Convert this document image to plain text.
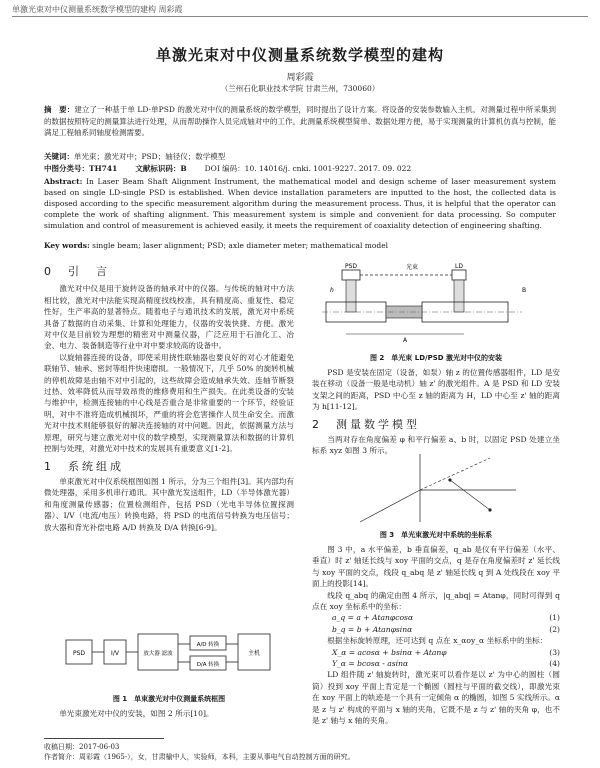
单激光束对中仪测量系统数学模型的建构 周彩霞
单激光束对中仪测量系统数学模型的建构
周彩霞
（兰州石化职业技术学院 甘肃兰州，730060）
摘　要：建立了一种基于单 LD-单PSD 的激光对中仪的测量系统的数学模型，同时提出了设计方案。将设备的安装参数输入主机，对测量过程中所采集到的数据按照特定的测量算法进行处理，从而帮助操作人员完成轴对中的工作。此测量系统模型简单、数据处理方便，易于实现测量的计算机仿真与控制，能满足工程轴系同轴度检测需要。
关键词：单光束；激光对中；PSD；轴径仪；数学模型
中图分类号：TH741 文献标识码：B DOI 编码：10. 14016/j. cnki. 1001-9227. 2017. 09. 022
Abstract: In Laser Beam Shaft Alignment Instrument, the mathematical model and design scheme of laser measurement system based on single LD-single PSD is established. When device installation parameters are inputted to the host, the collected data is disposed according to the specific measurement algorithm during the measurement process. Thus, it is helpful that the operator can complete the work of shafting alignment. This measurement system is simple and convenient for data processing. So computer simulation and control of measurement is achieved easily, it meets the requirement of coaxiality detection of engineering shafting.
Key words: single beam; laser alignment; PSD; axle diameter meter; mathematical model
0　引　言

激光对中仪是用于旋转设备的轴承对中的仪器。与传统的轴对中方法相比较，激光对中法能实现高精度找线校准，具有精度高、重复性、稳定性好，生产率高的显著特点。随着电子与通讯技术的发展，激光对中系统具备了数据的自动采集、计算和处理能力，仪器的安装快捷、方便。激光对中仪是目前较为理想的精密对中测量仪器，广泛应用于石油化工、冶金、电力、装备制造等行业中对中要求较高的设备中。

以旋轴器连接的设备，即使采用挠性联轴器也要良好的对心才能避免联轴节、轴承、密封等组件快速磨损。一般情况下，几乎 50% 的旋转机械的停机故障是由轴不对中引起的，这些故障会造成轴承失效、连轴节断裂过热、效率降低从而导致昂贵的维修费用和生产损失。在此类设备的安装与维护中，检测连接轴的中心线是否重合是非常重要的一个环节，经验证明，对中不准将造成机械损坏，严重的将会危害操作人员生命安全。而激光对中技术则能够很好的解决连接轴的对中问题。因此，依据测量方法与原理，研究与建立激光对中仪的数学模型，实现测量算法和数据的计算机控制与处理，对激光对中技术的发展具有重要意义[1-2]。

1　系统组成

单束激光对中仪系统框图如图 1 所示，分为三个组件[3]。其内部均有微处理器，采用多机串行通讯。其中激光发送组件，LD（半导体激光器）和角度测量传感器；位置检测组件，包括 PSD（光电半导体位置探测器）、I/V（电流/电压）转换电路，将 PSD 的电流信号转换为电压信号；放大器和背光补偿电路 A/D 转换及 D/A 转换[6-9]。

PSD	I/V	放大器 滤波
A/D 转换
D/A 转换
主机
图 1　单束激光对中仪测量系统框图

单光束激光对中仪的安装，如图 2 所示[10]。

PSD	光束	LD
A
h	B
图 2　单光束 LD/PSD 激光对中仪的安装

PSD 是安装在固定（设备，如泵）轴 z 的位置传感器组件，LD 是安装在移动（设备一般是电动机）轴 z' 的激光组件。A 是 PSD 和 LD 安装支架之间的距离，PSD 中心至 z 轴的距离为 H，LD 中心至 z' 轴的距离为 h[11-12]。

2　测量数学模型

当两对存在角度偏差 φ 和平行偏差 a、b 时，以固定 PSD 处建立坐标系 xyz 如图 3 所示。

图 3　单光束激光对中系统的坐标系

图 3 中，a 水平偏差，b 垂直偏差，q_ab 是仪有平行偏差（水平、垂直）时 z' 轴延长线与 xoy 平面的交点，q 是存在角度偏差时 z' 延长线与 xoy 平面的交点，线段 q_abq 是 z' 轴延长线 q 到 A 处线段在 xoy 平面上的投影[14]。

线段 q_abq 的确定由图 4 所示，|q_abq| = Atanφ，同时可得到 q 点在 xoy 坐标系中的坐标：

a_q = a + Atanφcosα	(1)
b_q = b + Atanφsinα	(2)

根据坐标旋转原理，还可达到 q 点在 x_αoy_α 坐标系中的坐标：

X_α = acosα + bsinα + Atanφ	(3)
Y_α = bcosα - asinα	(4)

LD 组件随 z' 轴旋转时，激光束可以看作是以 z' 为中心的圆柱（圆筒）投到 xoy 平面上肯定是一个椭圆（圆柱与平面的截交线），即激光束在 xoy 平面上的轨迹是一个具有一定倾角 α 的椭圆，如图 5 实线所示。α 是 z 与 z' 构成的平面与 x 轴的夹角，它既不是 z 与 z' 轴的夹角 φ，也不是 z' 轴与 x 轴的夹角。

收稿日期：2017-06-03
作者简介：周彩霞（1965-），女，甘肃榆中人，实验师，本科，主要从事电气自动控制方面的研究。
